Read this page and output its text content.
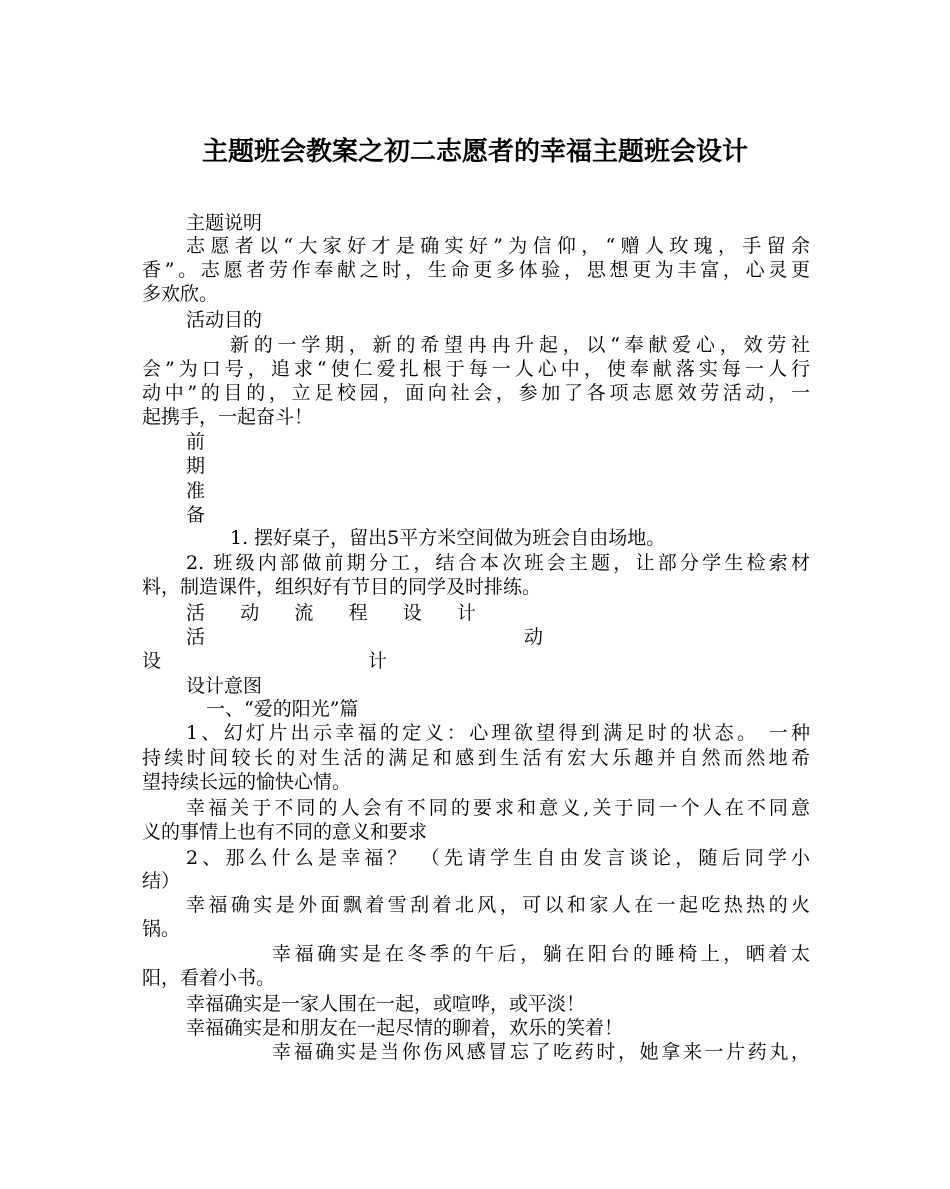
主题班会教案之初二志愿者的幸福主题班会设计
主题说明
志愿者以“大家好才是确实好”为信仰，“赠人玫瑰，手留余
香”。志愿者劳作奉献之时，生命更多体验，思想更为丰富，心灵更
多欢欣。
活动目的
新的一学期，新的希望冉冉升起，以“奉献爱心，效劳社
会”为口号，追求“使仁爱扎根于每一人心中，使奉献落实每一人行
动中”的目的，立足校园，面向社会，参加了各项志愿效劳活动，一
起携手，一起奋斗！
前
期
准
备
1. 摆好桌子，留出5平方米空间做为班会自由场地。
2. 班级内部做前期分工，结合本次班会主题，让部分学生检索材
料，制造课件，组织好有节目的同学及时排练。
活 动 流 程 设 计
活	动
设	计
设计意图
一、“爱的阳光”篇
1、幻灯片出示幸福的定义：心理欲望得到满足时的状态。 一种
持续时间较长的对生活的满足和感到生活有宏大乐趣并自然而然地希
望持续长远的愉快心情。
幸福关于不同的人会有不同的要求和意义,关于同一个人在不同意
义的事情上也有不同的意义和要求
2、那么什么是幸福？ （先请学生自由发言谈论，随后同学小
结）
幸福确实是外面飘着雪刮着北风，可以和家人在一起吃热热的火
锅。
幸福确实是在冬季的午后，躺在阳台的睡椅上，晒着太
阳，看着小书。
幸福确实是一家人围在一起，或喧哗，或平淡！
幸福确实是和朋友在一起尽情的聊着，欢乐的笑着！
幸福确实是当你伤风感冒忘了吃药时，她拿来一片药丸，
